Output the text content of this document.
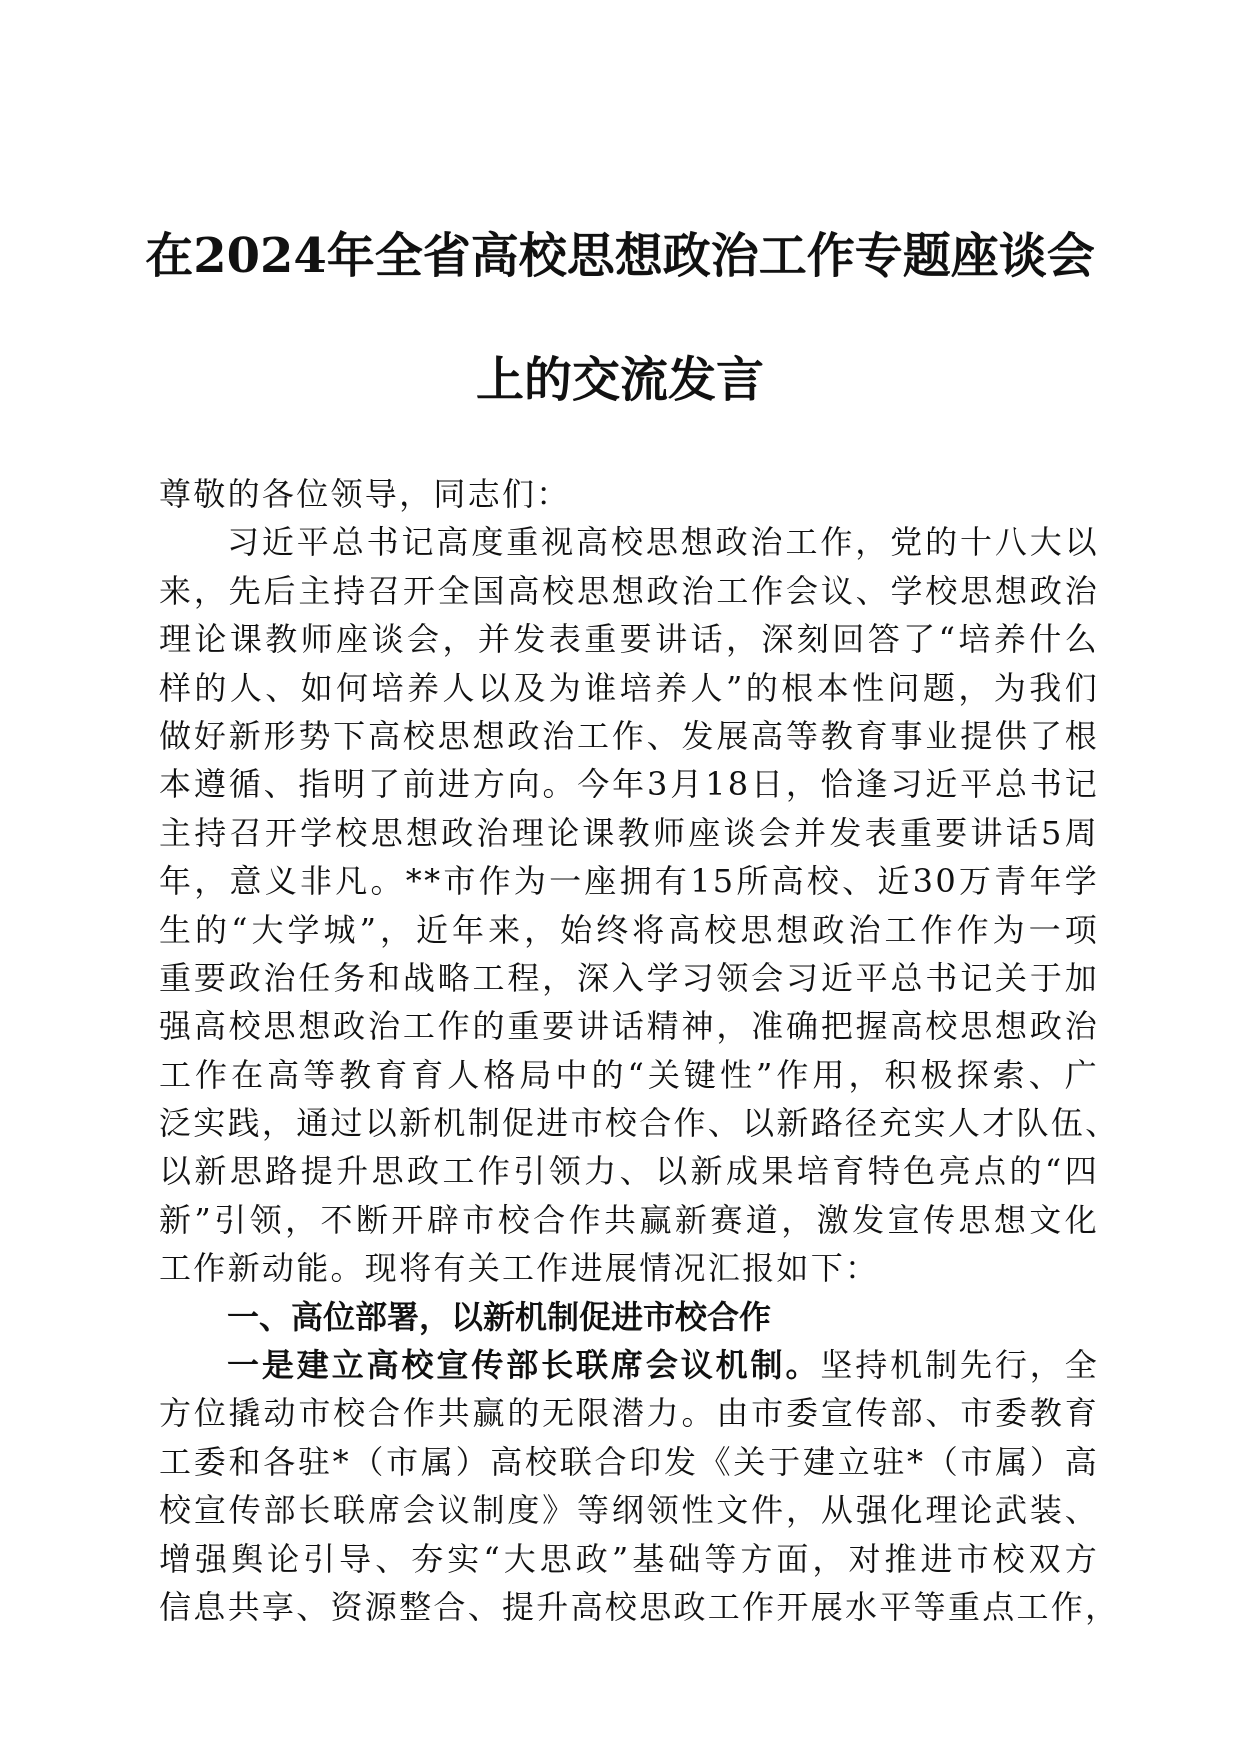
在2024年全省高校思想政治工作专题座谈会
上的交流发言
尊敬的各位领导，同志们：
习近平总书记高度重视高校思想政治工作，党的十八大以
来，先后主持召开全国高校思想政治工作会议、学校思想政治
理论课教师座谈会，并发表重要讲话，深刻回答了“培养什么
样的人、如何培养人以及为谁培养人”的根本性问题，为我们
做好新形势下高校思想政治工作、发展高等教育事业提供了根
本遵循、指明了前进方向。今年3月18日，恰逢习近平总书记
主持召开学校思想政治理论课教师座谈会并发表重要讲话5周
年，意义非凡。**市作为一座拥有15所高校、近30万青年学
生的“大学城”，近年来，始终将高校思想政治工作作为一项
重要政治任务和战略工程，深入学习领会习近平总书记关于加
强高校思想政治工作的重要讲话精神，准确把握高校思想政治
工作在高等教育育人格局中的“关键性”作用，积极探索、广
泛实践，通过以新机制促进市校合作、以新路径充实人才队伍、
以新思路提升思政工作引领力、以新成果培育特色亮点的“四
新”引领，不断开辟市校合作共赢新赛道，激发宣传思想文化
工作新动能。现将有关工作进展情况汇报如下：
一、高位部署，以新机制促进市校合作
一是建立高校宣传部长联席会议机制。坚持机制先行，全
方位撬动市校合作共赢的无限潜力。由市委宣传部、市委教育
工委和各驻*（市属）高校联合印发《关于建立驻*（市属）高
校宣传部长联席会议制度》等纲领性文件，从强化理论武装、
增强舆论引导、夯实“大思政”基础等方面，对推进市校双方
信息共享、资源整合、提升高校思政工作开展水平等重点工作，
